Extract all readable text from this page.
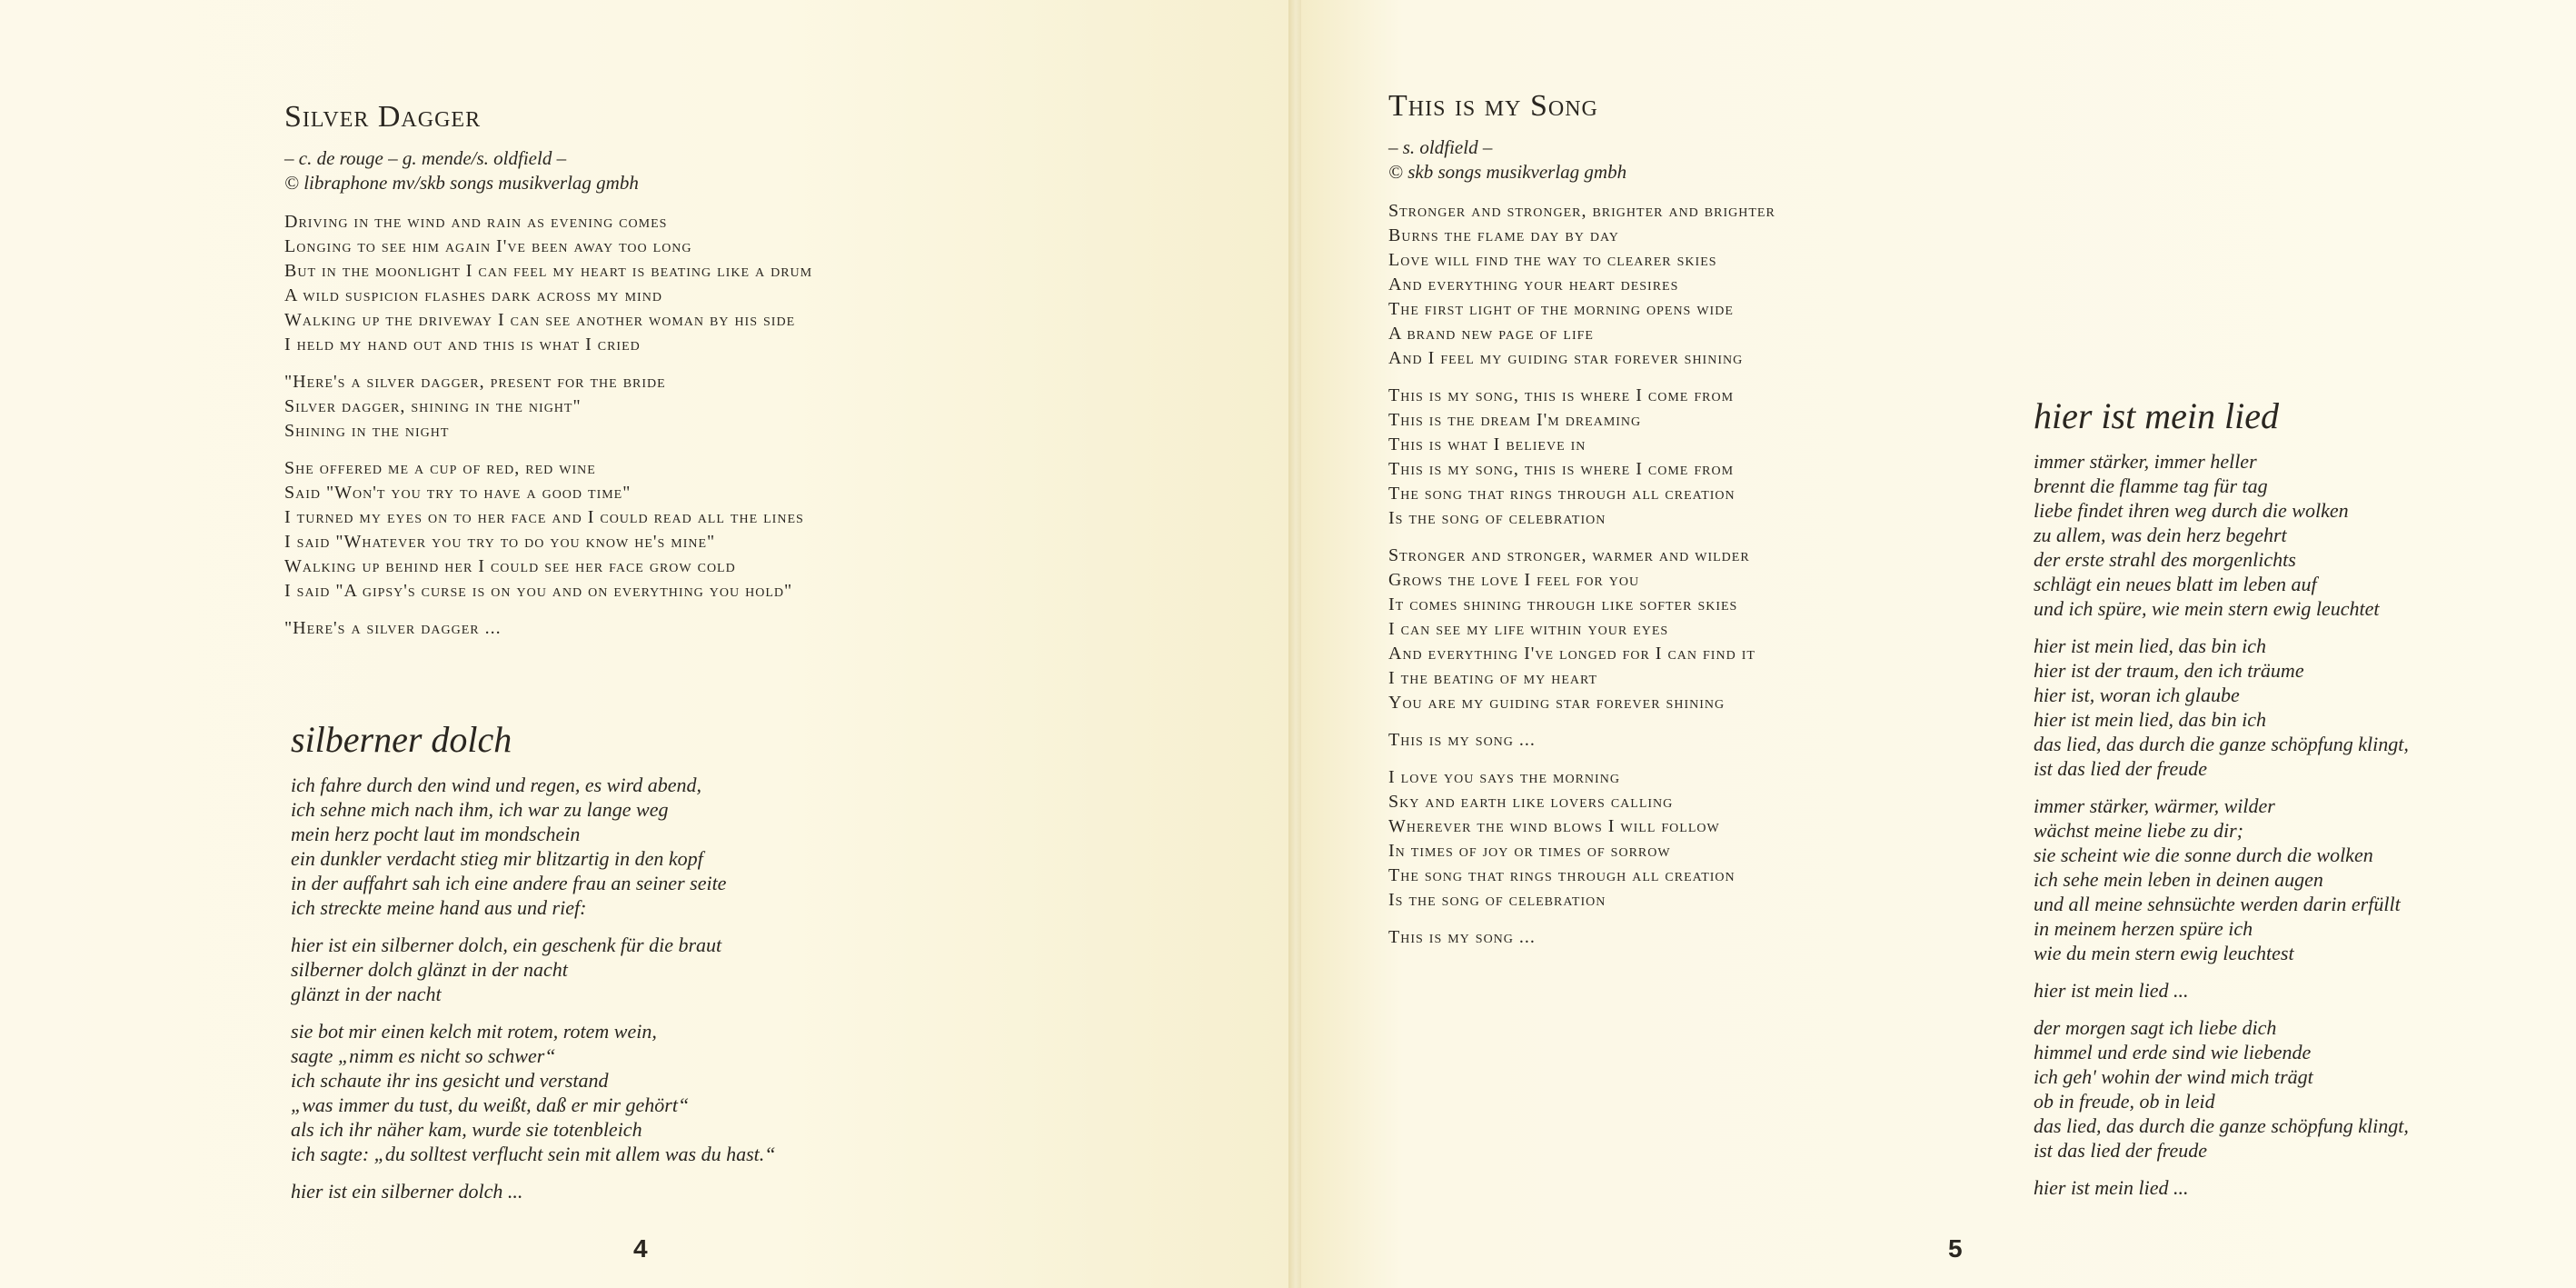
Silver Dagger

– c. de rouge – g. mende/s. oldfield –

© libraphone mv/skb songs musikverlag gmbh

Driving in the wind and rain as evening comes
Longing to see him again I've been away too long
But in the moonlight I can feel my heart is beating like a drum
A wild suspicion flashes dark across my mind
Walking up the driveway I can see another woman by his side
I held my hand out and this is what I cried
"Here's a silver dagger, present for the bride
Silver dagger, shining in the night"
Shining in the night
She offered me a cup of red, red wine
Said "Won't you try to have a good time"
I turned my eyes on to her face and I could read all the lines
I said "Whatever you try to do you know he's mine"
Walking up behind her I could see her face grow cold
I said "A gipsy's curse is on you and on everything you hold"
"Here's a silver dagger ...
silberner dolch
ich fahre durch den wind und regen, es wird abend,
ich sehne mich nach ihm, ich war zu lange weg
mein herz pocht laut im mondschein
ein dunkler verdacht stieg mir blitzartig in den kopf
in der auffahrt sah ich eine andere frau an seiner seite
ich streckte meine hand aus und rief:
hier ist ein silberner dolch, ein geschenk für die braut
silberner dolch glänzt in der nacht
glänzt in der nacht
sie bot mir einen kelch mit rotem, rotem wein,
sagte „nimm es nicht so schwer“
ich schaute ihr ins gesicht und verstand
„was immer du tust, du weißt, daß er mir gehört“
als ich ihr näher kam, wurde sie totenbleich
ich sagte: „du solltest verflucht sein mit allem was du hast.“
hier ist ein silberner dolch ...
4
This is my Song

– s. oldfield –

© skb songs musikverlag gmbh

Stronger and stronger, brighter and brighter
Burns the flame day by day
Love will find the way to clearer skies
And everything your heart desires
The first light of the morning opens wide
A brand new page of life
And I feel my guiding star forever shining
This is my song, this is where I come from
This is the dream I'm dreaming
This is what I believe in
This is my song, this is where I come from
The song that rings through all creation
Is the song of celebration
Stronger and stronger, warmer and wilder
Grows the love I feel for you
It comes shining through like softer skies
I can see my life within your eyes
And everything I've longed for I can find it
I the beating of my heart
You are my guiding star forever shining
This is my song ...
I love you says the morning
Sky and earth like lovers calling
Wherever the wind blows I will follow
In times of joy or times of sorrow
The song that rings through all creation
Is the song of celebration
This is my song ...
hier ist mein lied
immer stärker, immer heller
brennt die flamme tag für tag
liebe findet ihren weg durch die wolken
zu allem, was dein herz begehrt
der erste strahl des morgenlichts
schlägt ein neues blatt im leben auf
und ich spüre, wie mein stern ewig leuchtet
hier ist mein lied, das bin ich
hier ist der traum, den ich träume
hier ist, woran ich glaube
hier ist mein lied, das bin ich
das lied, das durch die ganze schöpfung klingt,
ist das lied der freude
immer stärker, wärmer, wilder
wächst meine liebe zu dir;
sie scheint wie die sonne durch die wolken
ich sehe mein leben in deinen augen
und all meine sehnsüchte werden darin erfüllt
in meinem herzen spüre ich
wie du mein stern ewig leuchtest
hier ist mein lied ...
der morgen sagt ich liebe dich
himmel und erde sind wie liebende
ich geh' wohin der wind mich trägt
ob in freude, ob in leid
das lied, das durch die ganze schöpfung klingt,
ist das lied der freude
hier ist mein lied ...
5
